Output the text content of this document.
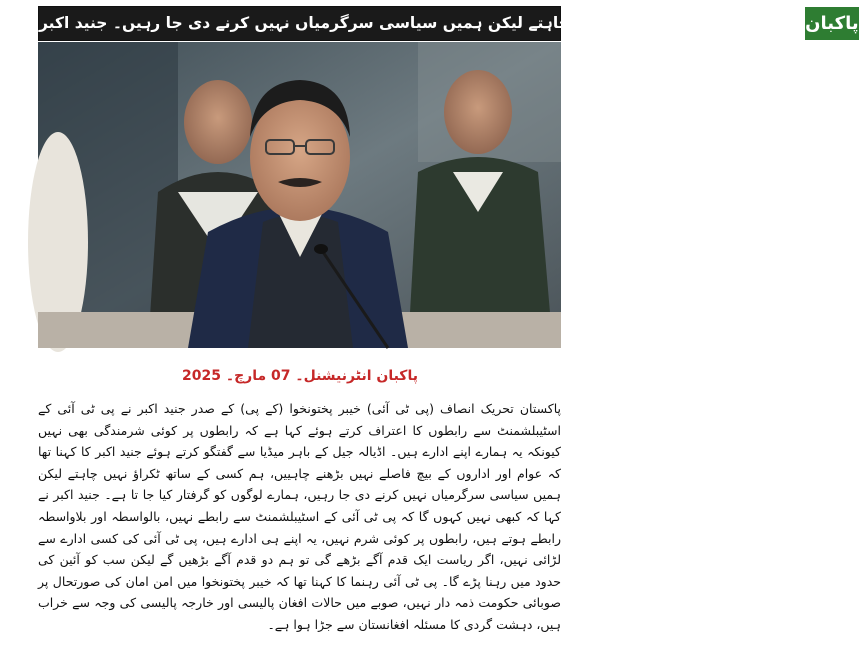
ہم کسی کے ساتھ ٹکراؤ نہیں چاہتے لیکن ہمیں سیاسی سرگرمیاں نہیں کرنے دی جا رہیں۔ جنید اکبر پاکبان
پاکبان انٹرنیشنل۔ 07 مارچ۔ 2025
پاکستان تحریک انصاف (پی ٹی آئی) خیبر پختونخوا (کے پی) کے صدر جنید اکبر نے پی ٹی آئی کے اسٹیبلشمنٹ سے رابطوں کا اعتراف کرتے ہوئے کہا ہے کہ رابطوں پر کوئی شرمندگی بھی نہیں کیونکہ یہ ہمارے اپنے ادارے ہیں۔ اڈیالہ جیل کے باہر میڈیا سے گفتگو کرتے ہوئے جنید اکبر کا کہنا تھا کہ عوام اور اداروں کے بیچ فاصلے نہیں بڑھنے چاہییں، ہم کسی کے ساتھ ٹکراؤ نہیں چاہتے لیکن ہمیں سیاسی سرگرمیاں نہیں کرنے دی جا رہیں، ہمارے لوگوں کو گرفتار کیا جا تا ہے۔ جنید اکبر نے کہا کہ کبھی نہیں کہوں گا کہ پی ٹی آئی کے اسٹیبلشمنٹ سے رابطے نہیں، بالواسطہ اور بلاواسطہ رابطے ہوتے ہیں، رابطوں پر کوئی شرم نہیں، یہ اپنے ہی ادارے ہیں، پی ٹی آئی کی کسی ادارے سے لڑائی نہیں، اگر ریاست ایک قدم آگے بڑھے گی تو ہم دو قدم آگے بڑھیں گے لیکن سب کو آئین کی حدود میں رہنا پڑے گا۔ پی ٹی آئی رہنما کا کہنا تھا کہ خیبر پختونخوا میں امن امان کی صورتحال پر صوبائی حکومت ذمہ دار نہیں، صوبے میں حالات افغان پالیسی اور خارجہ پالیسی کی وجہ سے خراب ہیں، دہشت گردی کا مسئلہ افغانستان سے جڑا ہوا ہے۔
